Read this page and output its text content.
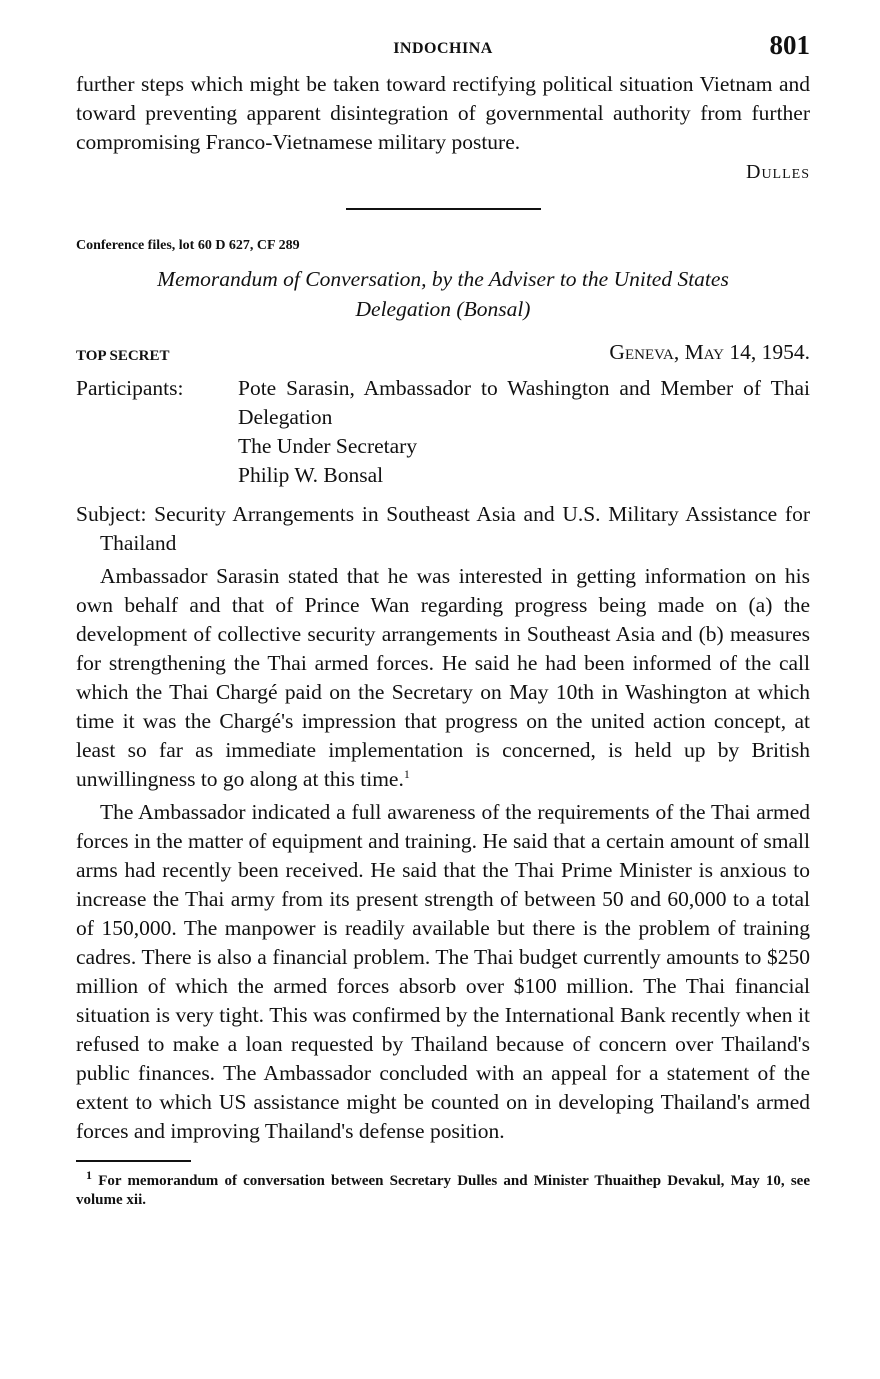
INDOCHINA	801

further steps which might be taken toward rectifying political situation Vietnam and toward preventing apparent disintegration of governmental authority from further compromising Franco-Vietnamese military posture.

Dulles
Conference files, lot 60 D 627, CF 289
Memorandum of Conversation, by the Adviser to the United States
Delegation (Bonsal)
TOP SECRET	Geneva, May 14, 1954.
Participants:	Pote Sarasin, Ambassador to Washington and Member of Thai Delegation
The Under Secretary
Philip W. Bonsal

Subject: Security Arrangements in Southeast Asia and U.S. Military Assistance for Thailand

Ambassador Sarasin stated that he was interested in getting information on his own behalf and that of Prince Wan regarding progress being made on (a) the development of collective security arrangements in Southeast Asia and (b) measures for strengthening the Thai armed forces. He said he had been informed of the call which the Thai Chargé paid on the Secretary on May 10th in Washington at which time it was the Chargé's impression that progress on the united action concept, at least so far as immediate implementation is concerned, is held up by British unwillingness to go along at this time.$^1$

The Ambassador indicated a full awareness of the requirements of the Thai armed forces in the matter of equipment and training. He said that a certain amount of small arms had recently been received. He said that the Thai Prime Minister is anxious to increase the Thai army from its present strength of between 50 and 60,000 to a total of 150,000. The manpower is readily available but there is the problem of training cadres. There is also a financial problem. The Thai budget currently amounts to $250 million of which the armed forces absorb over $100 million. The Thai financial situation is very tight. This was confirmed by the International Bank recently when it refused to make a loan requested by Thailand because of concern over Thailand's public finances. The Ambassador concluded with an appeal for a statement of the extent to which US assistance might be counted on in developing Thailand's armed forces and improving Thailand's defense position.

$^1$ For memorandum of conversation between Secretary Dulles and Minister Thuaithep Devakul, May 10, see volume xii.
